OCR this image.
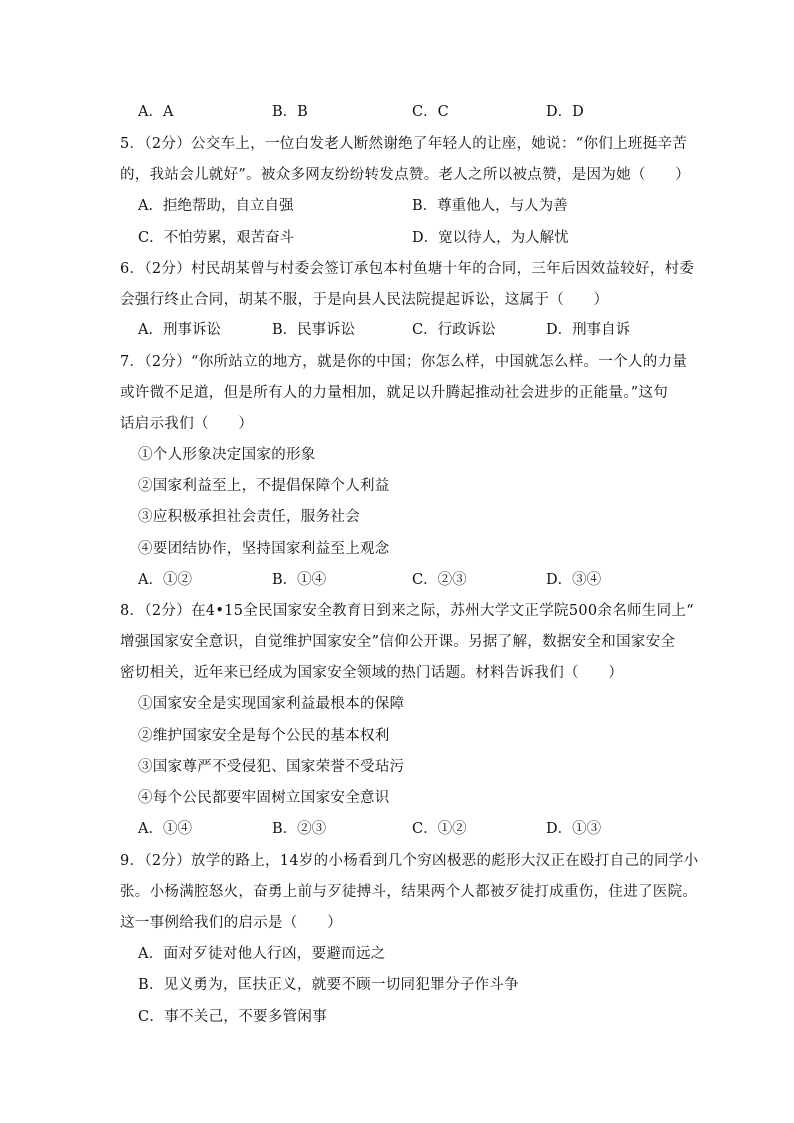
A．A	B．B	C．C	D．D
5．（2分）公交车上，一位白发老人断然谢绝了年轻人的让座，她说：“你们上班挺辛苦
的，我站会儿就好”。被众多网友纷纷转发点赞。老人之所以被点赞，是因为她（　　）
A．拒绝帮助，自立自强	B．尊重他人，与人为善
C．不怕劳累，艰苦奋斗	D．宽以待人，为人解忧
6．（2分）村民胡某曾与村委会签订承包本村鱼塘十年的合同，三年后因效益较好，村委
会强行终止合同，胡某不服，于是向县人民法院提起诉讼，这属于（　　）
A．刑事诉讼	B．民事诉讼	C．行政诉讼	D．刑事自诉
7．（2分）“你所站立的地方，就是你的中国；你怎么样，中国就怎么样。一个人的力量
或许微不足道，但是所有人的力量相加，就足以升腾起推动社会进步的正能量。”这句
话启示我们（　　）
①个人形象决定国家的形象
②国家利益至上，不提倡保障个人利益
③应积极承担社会责任，服务社会
④要团结协作，坚持国家利益至上观念
A．①②	B．①④	C．②③	D．③④
8．（2分）在4•15全民国家安全教育日到来之际，苏州大学文正学院500余名师生同上“
增强国家安全意识，自觉维护国家安全”信仰公开课。另据了解，数据安全和国家安全
密切相关，近年来已经成为国家安全领域的热门话题。材料告诉我们（　　）
①国家安全是实现国家利益最根本的保障
②维护国家安全是每个公民的基本权利
③国家尊严不受侵犯、国家荣誉不受玷污
④每个公民都要牢固树立国家安全意识
A．①④	B．②③	C．①②	D．①③
9．（2分）放学的路上，14岁的小杨看到几个穷凶极恶的彪形大汉正在殴打自己的同学小
张。小杨满腔怒火，奋勇上前与歹徒搏斗，结果两个人都被歹徒打成重伤，住进了医院。
这一事例给我们的启示是（　　）
A．面对歹徒对他人行凶，要避而远之
B．见义勇为，匡扶正义，就要不顾一切同犯罪分子作斗争
C．事不关己，不要多管闲事
